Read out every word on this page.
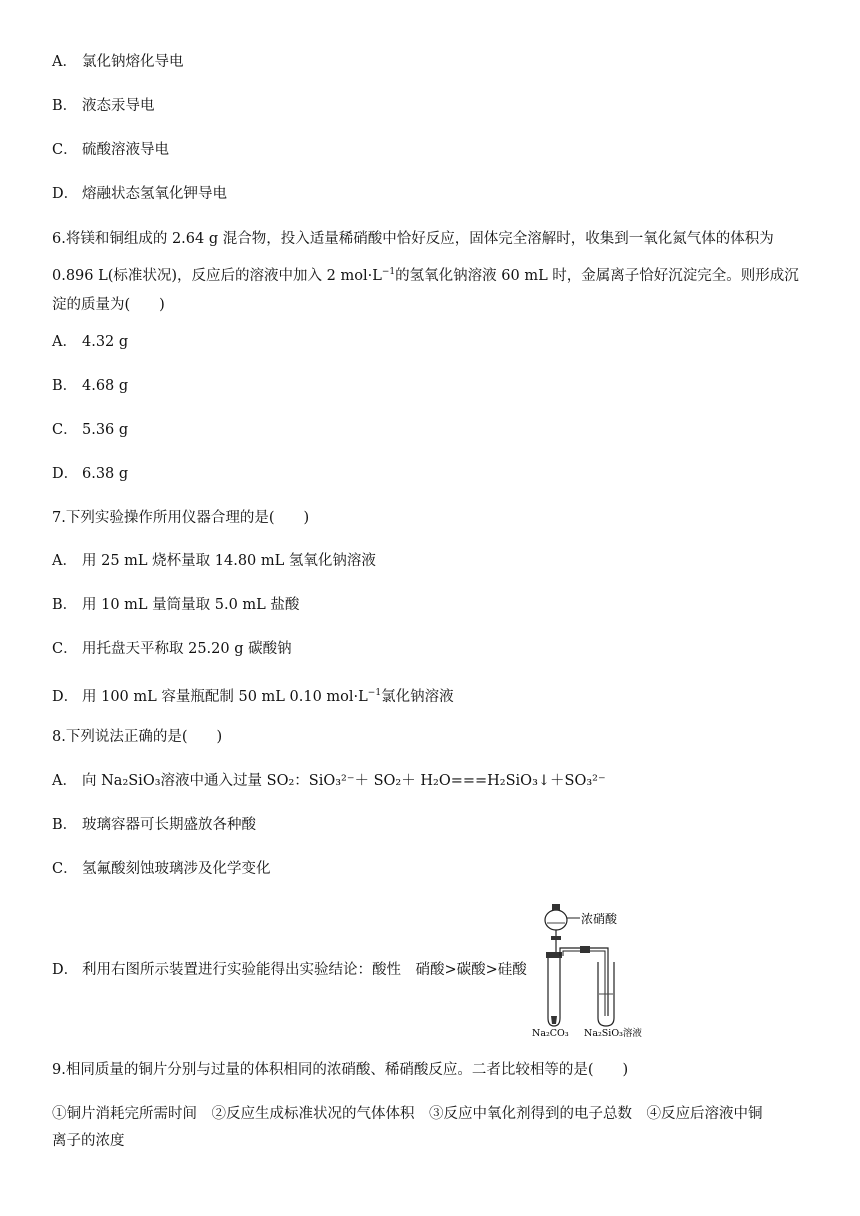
A． 氯化钠熔化导电
B． 液态汞导电
C． 硫酸溶液导电
D． 熔融状态氢氧化钾导电
6.将镁和铜组成的 2.64 g 混合物，投入适量稀硝酸中恰好反应，固体完全溶解时，收集到一氧化氮气体的体积为
0.896 L(标准状况)，反应后的溶液中加入 2 $mol\cdot L^{-1}$的氢氧化钠溶液 60 mL 时，金属离子恰好沉淀完全。则形成沉
淀的质量为(　　)
A． 4.32 g
B． 4.68 g
C． 5.36 g
D． 6.38 g
7.下列实验操作所用仪器合理的是(　　)
A． 用 25 mL 烧杯量取 14.80 mL 氢氧化钠溶液
B． 用 10 mL 量筒量取 5.0 mL 盐酸
C． 用托盘天平称取 25.20 g 碳酸钠
D． 用 100 mL 容量瓶配制 50 mL 0.10 $mol\cdot L^{-1}$氯化钠溶液
8.下列说法正确的是(　　)
A． 向 Na₂SiO₃溶液中通入过量 SO₂：SiO₃²⁻＋ SO₂＋ H₂O===H₂SiO₃↓＋SO₃²⁻
B． 玻璃容器可长期盛放各种酸
C． 氢氟酸刻蚀玻璃涉及化学变化
D． 利用右图所示装置进行实验能得出实验结论：酸性　硝酸>碳酸>硅酸
浓硝酸
Na₂CO₃ Na₂SiO₃溶液
9.相同质量的铜片分别与过量的体积相同的浓硝酸、稀硝酸反应。二者比较相等的是(　　)
①铜片消耗完所需时间　②反应生成标准状况的气体体积　③反应中氧化剂得到的电子总数　④反应后溶液中铜
离子的浓度
